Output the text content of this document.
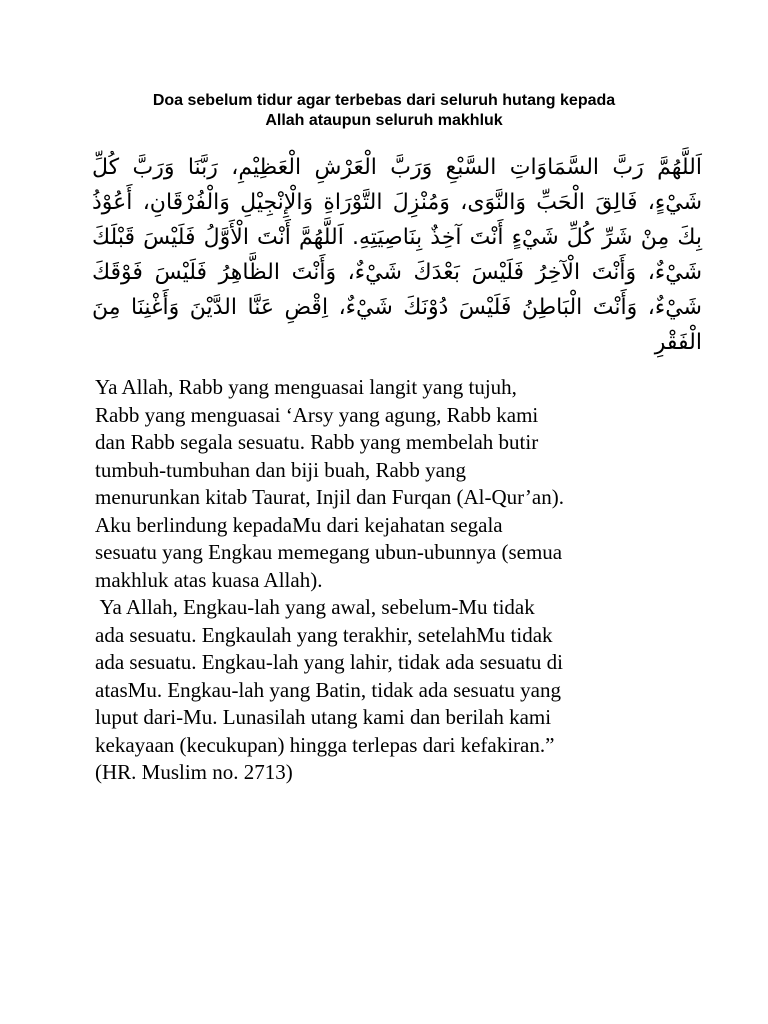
Doa sebelum tidur agar terbebas dari seluruh hutang kepada
Allah ataupun seluruh makhluk
اَللَّهُمَّ رَبَّ السَّمَاوَاتِ السَّبْعِ وَرَبَّ الْعَرْشِ الْعَظِيْمِ، رَبَّنَا وَرَبَّ كُلِّ شَيْءٍ، فَالِقَ الْحَبِّ وَالنَّوَى، وَمُنْزِلَ التَّوْرَاةِ وَالْإِنْجِيْلِ وَالْفُرْقَانِ، أَعُوْذُ بِكَ مِنْ شَرِّ كُلِّ شَيْءٍ أَنْتَ آخِذٌ بِنَاصِيَتِهِ. اَللَّهُمَّ أَنْتَ الْأَوَّلُ فَلَيْسَ قَبْلَكَ شَيْءٌ، وَأَنْتَ الْآخِرُ فَلَيْسَ بَعْدَكَ شَيْءٌ، وَأَنْتَ الظَّاهِرُ فَلَيْسَ فَوْقَكَ شَيْءٌ، وَأَنْتَ الْبَاطِنُ فَلَيْسَ دُوْنَكَ شَيْءٌ، اِقْضِ عَنَّا الدَّيْنَ وَأَغْنِنَا مِنَ الْفَقْرِ

Ya Allah, Rabb yang menguasai langit yang tujuh,
Rabb yang menguasai ‘Arsy yang agung, Rabb kami
dan Rabb segala sesuatu. Rabb yang membelah butir
tumbuh-tumbuhan dan biji buah, Rabb yang
menurunkan kitab Taurat, Injil dan Furqan (Al-Qur’an).
Aku berlindung kepadaMu dari kejahatan segala
sesuatu yang Engkau memegang ubun-ubunnya (semua
makhluk atas kuasa Allah).

Ya Allah, Engkau-lah yang awal, sebelum-Mu tidak
ada sesuatu. Engkaulah yang terakhir, setelahMu tidak
ada sesuatu. Engkau-lah yang lahir, tidak ada sesuatu di
atasMu. Engkau-lah yang Batin, tidak ada sesuatu yang
luput dari-Mu. Lunasilah utang kami dan berilah kami
kekayaan (kecukupan) hingga terlepas dari kefakiran.”
(HR. Muslim no. 2713)
